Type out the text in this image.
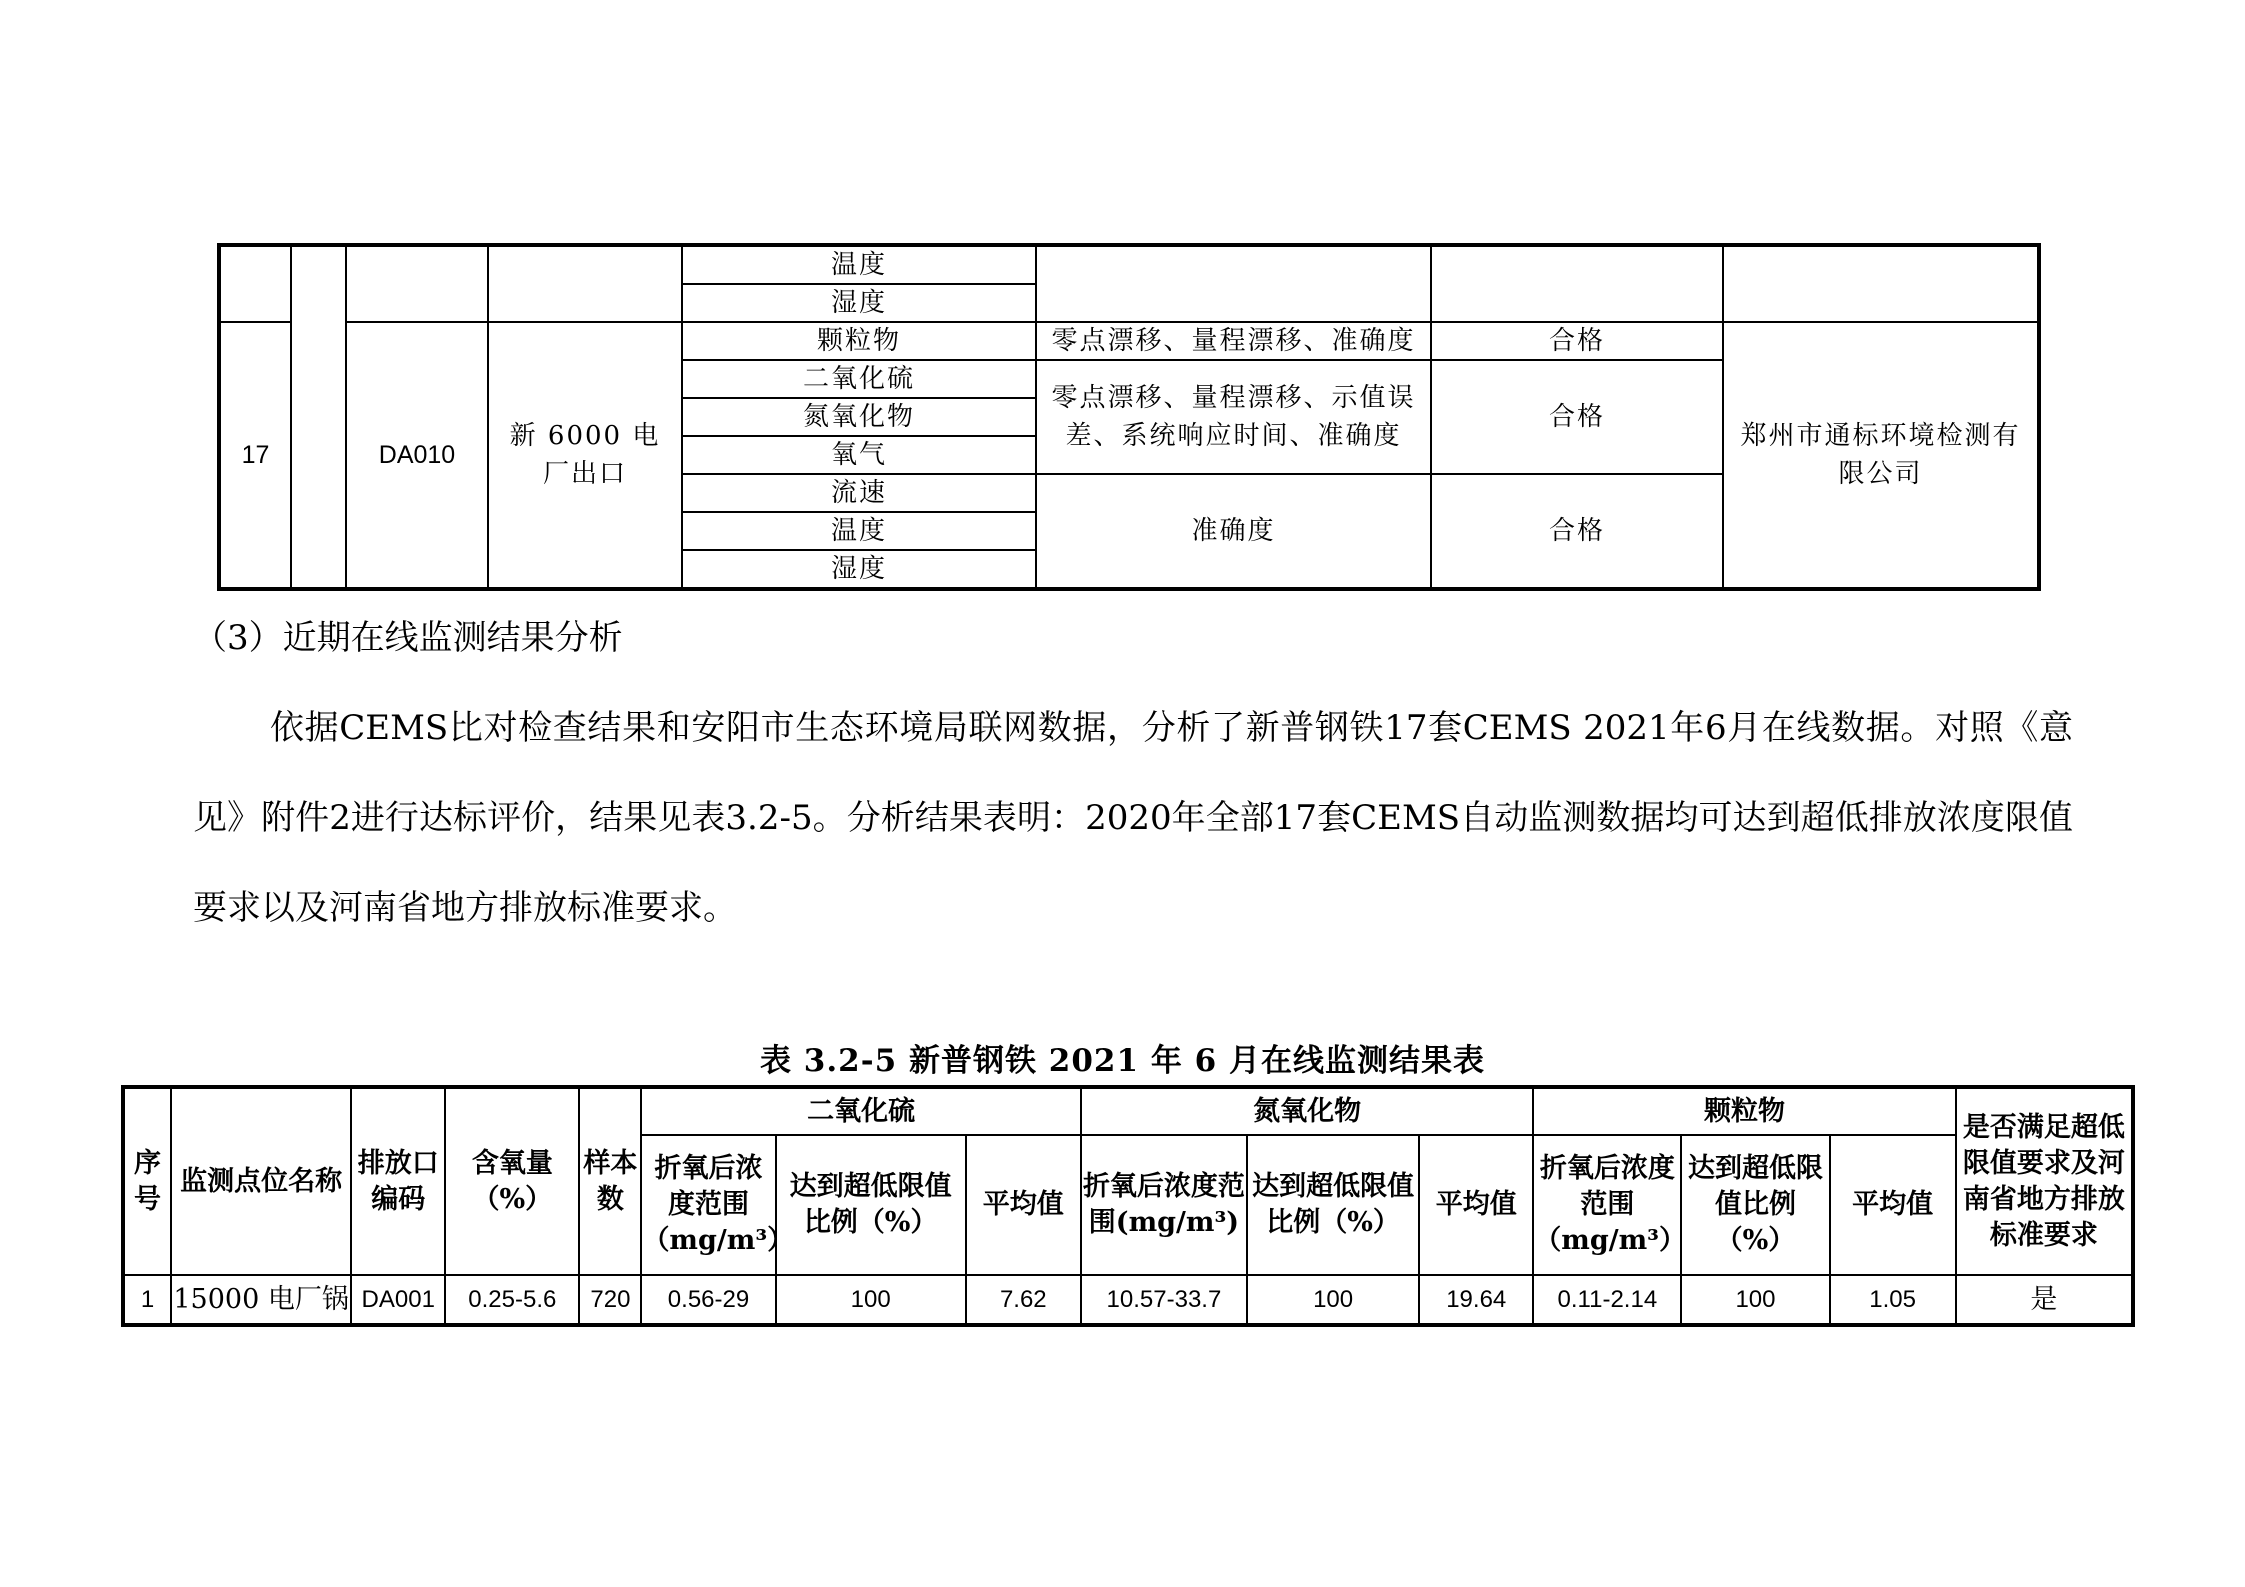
				温度			
				湿度			
17		DA010	新 6000 电厂出口	颗粒物	零点漂移、量程漂移、准确度	合格	郑州市通标环境检测有限公司
				二氧化硫	零点漂移、量程漂移、示值误差、系统响应时间、准确度	合格	
				氮氧化物			
				氧气			
				流速	准确度	合格	
				温度			
				湿度			

（3）近期在线监测结果分析

依据CEMS比对检查结果和安阳市生态环境局联网数据，分析了新普钢铁17套CEMS 2021年6月在线数据。对照《意见》附件2进行达标评价，结果见表3.2-5。分析结果表明：2020年全部17套CEMS自动监测数据均可达到超低排放浓度限值要求以及河南省地方排放标准要求。

表 3.2-5 新普钢铁 2021 年 6 月在线监测结果表

序号	监测点位名称	排放口编码	含氧量（%）	样本数	二氧化硫			氮氧化物			颗粒物			是否满足超低限值要求及河南省地方排放标准要求
					折氧后浓度范围（mg/m³）	达到超低限值比例（%）	平均值	折氧后浓度范围(mg/m³)	达到超低限值比例（%）	平均值	折氧后浓度范围（mg/m³）	达到超低限值比例（%）	平均值	
1	15000 电厂锅	DA001	0.25-5.6	720	0.56-29	100	7.62	10.57-33.7	100	19.64	0.11-2.14	100	1.05	是
